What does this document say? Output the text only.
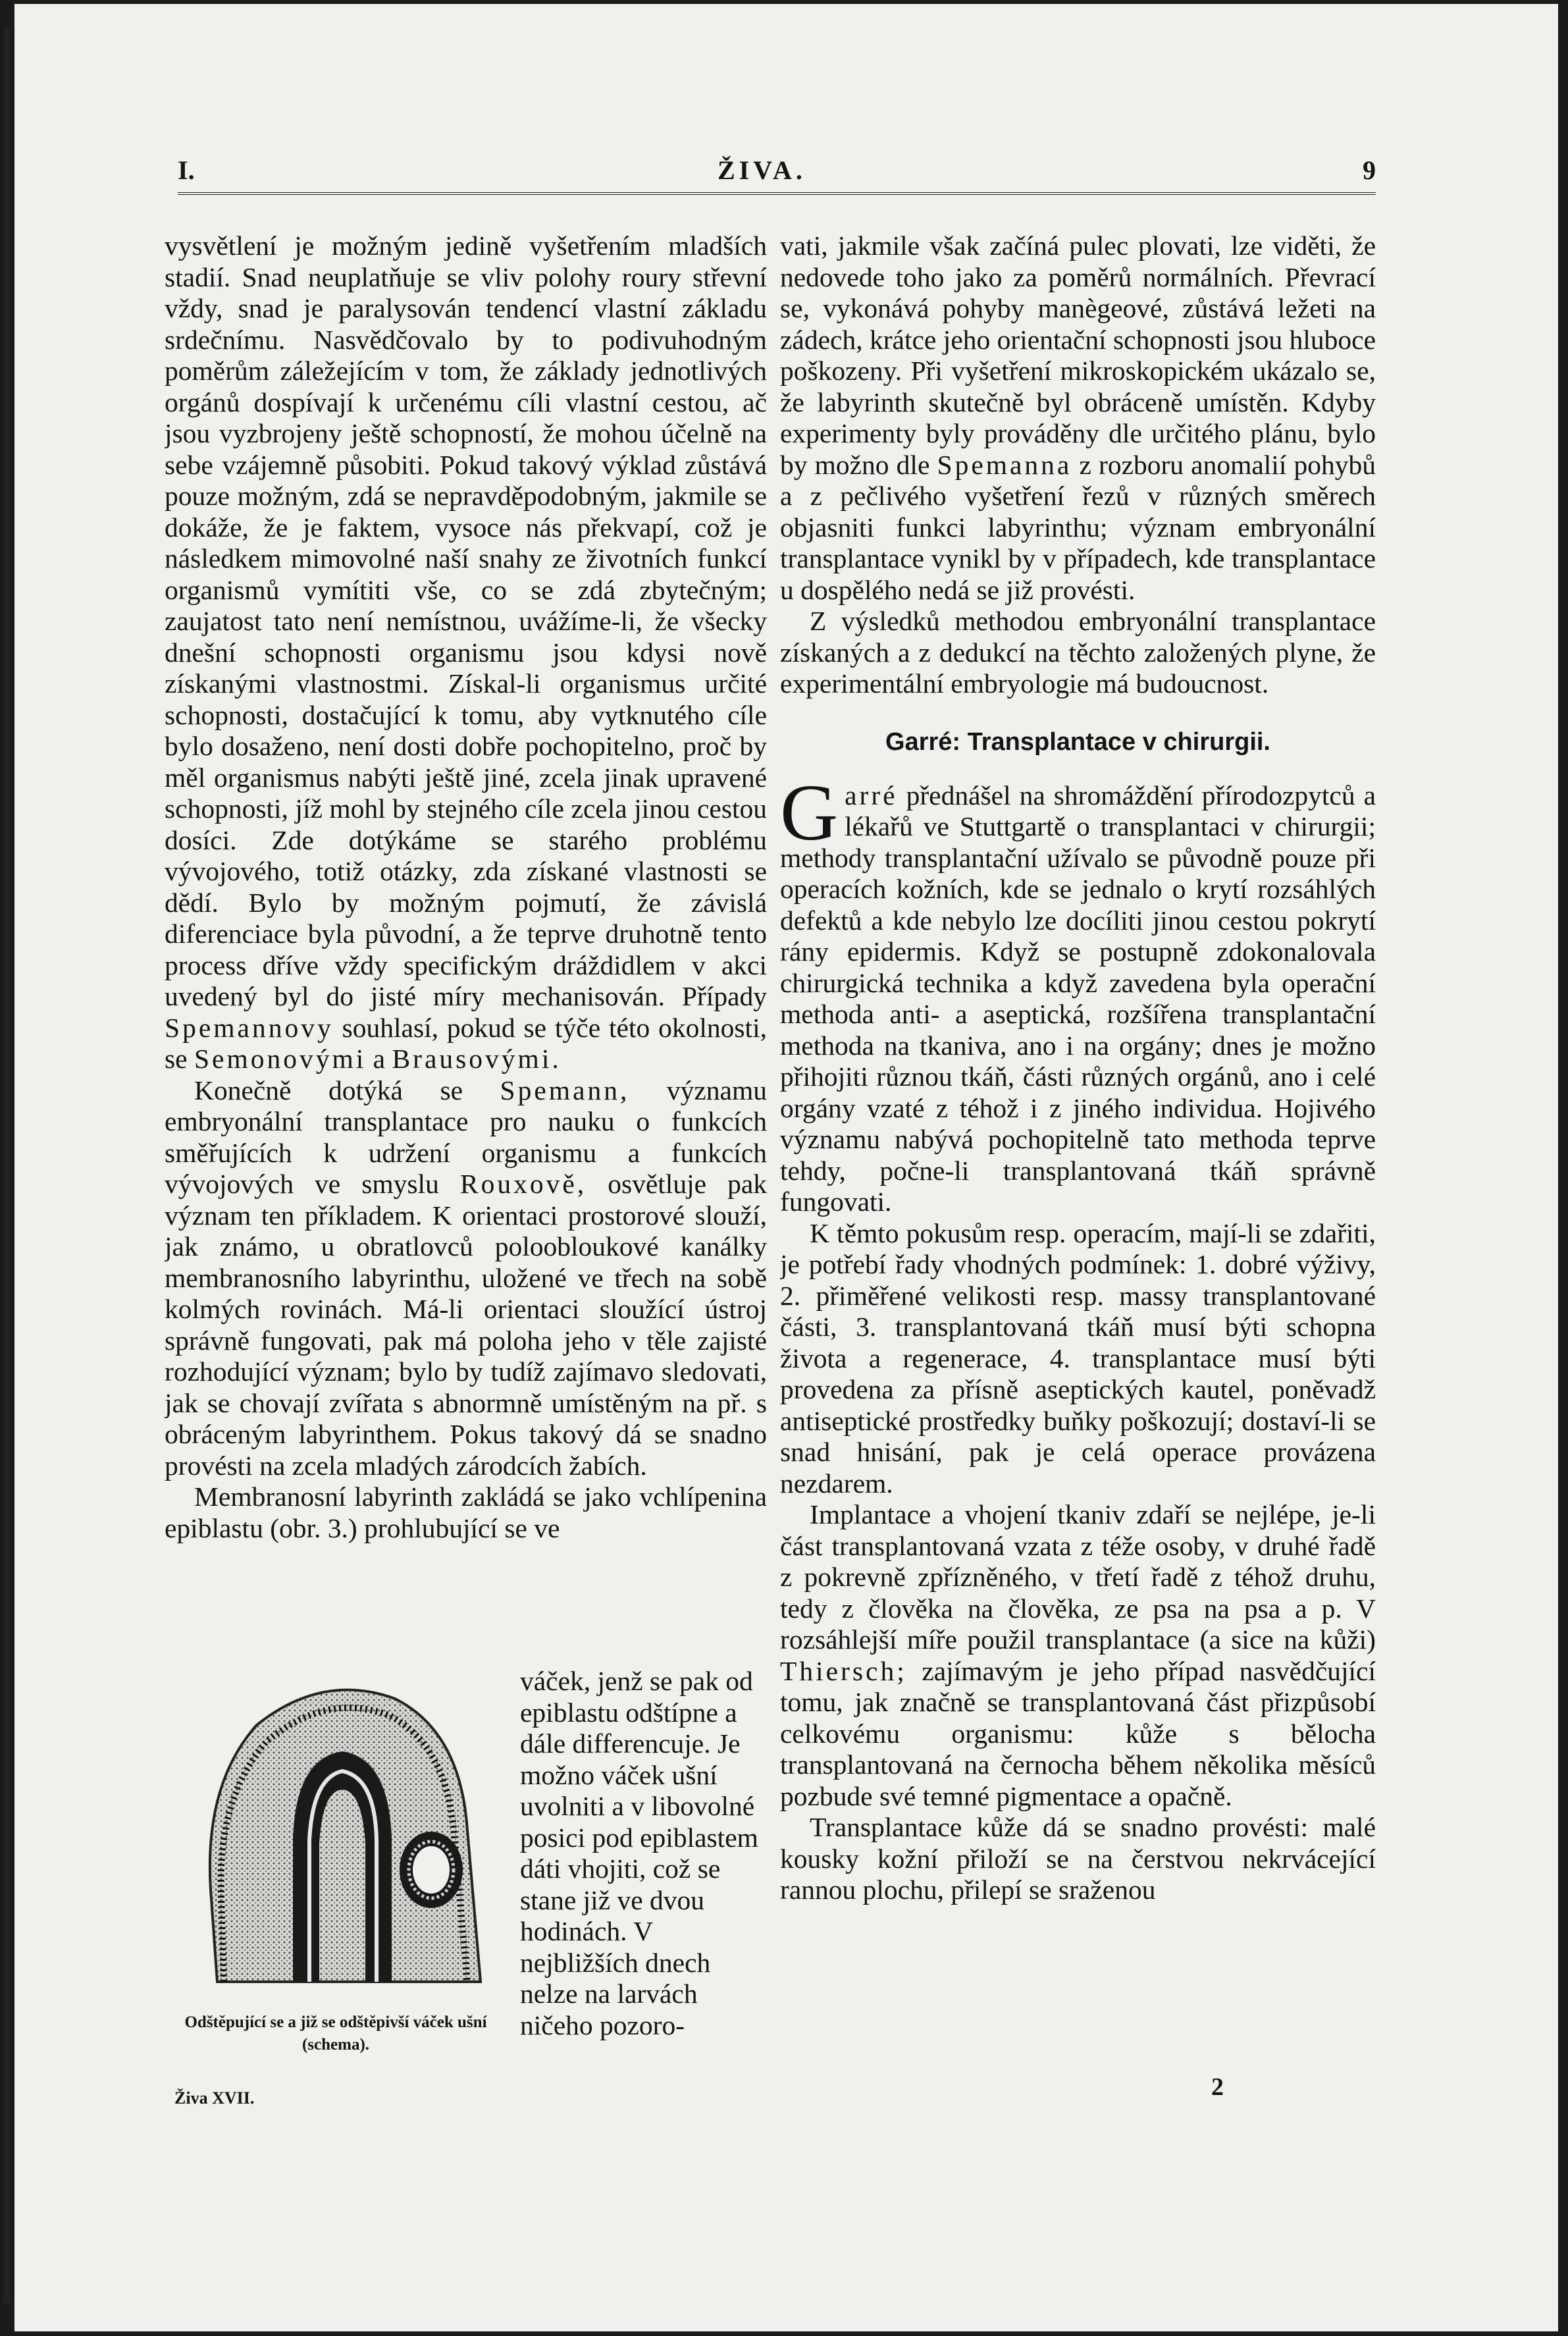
I.	ŽIVA.	9

vysvětlení je možným jedině vyšetřením mladších stadií. Snad neuplatňuje se vliv polohy roury střevní vždy, snad je paralysován tendencí vlastní základu srdečnímu. Nasvědčovalo by to podivuhodným poměrům záležejícím v tom, že základy jednotlivých orgánů dospívají k určenému cíli vlastní cestou, ač jsou vyzbrojeny ještě schopností, že mohou účelně na sebe vzájemně působiti. Pokud takový výklad zůstává pouze možným, zdá se nepravděpodobným, jakmile se dokáže, že je faktem, vysoce nás překvapí, což je následkem mimovolné naší snahy ze životních funkcí organismů vymítiti vše, co se zdá zbytečným; zaujatost tato není nemístnou, uvážíme-li, že všecky dnešní schopnosti organismu jsou kdysi nově získanými vlastnostmi. Získal-li organismus určité schopnosti, dostačující k tomu, aby vytknutého cíle bylo dosaženo, není dosti dobře pochopitelno, proč by měl organismus nabýti ještě jiné, zcela jinak upravené schopnosti, jíž mohl by stejného cíle zcela jinou cestou dosíci. Zde dotýkáme se starého problému vývojového, totiž otázky, zda získané vlastnosti se dědí. Bylo by možným pojmutí, že závislá diferenciace byla původní, a že teprve druhotně tento process dříve vždy specifickým dráždidlem v akci uvedený byl do jisté míry mechanisován. Případy Spemannovy souhlasí, pokud se týče této okolnosti, se Semonovými a Brausovými.

Konečně dotýká se Spemann, významu embryonální transplantace pro nauku o funkcích směřujících k udržení organismu a funkcích vývojových ve smyslu Rouxově, osvětluje pak význam ten příkladem. K orientaci prostorové slouží, jak známo, u obratlovců poloobloukové kanálky membranosního labyrinthu, uložené ve třech na sobě kolmých rovinách. Má-li orientaci sloužící ústroj správně fungovati, pak má poloha jeho v těle zajisté rozhodující význam; bylo by tudíž zajímavo sledovati, jak se chovají zvířata s abnormně umístěným na př. s obráceným labyrinthem. Pokus takový dá se snadno provésti na zcela mladých zárodcích žabích.

Membranosní labyrinth zakládá se jako vchlípenina epiblastu (obr. 3.) prohlubující se ve

váček, jenž se pak od epiblastu odštípne a dále differencuje. Je možno váček ušní uvolniti a v libovolné posici pod epiblastem dáti vhojiti, což se stane již ve dvou hodinách. V nejbližších dnech nelze na larvách ničeho pozoro-
Odštěpující se a již se odštěpivší váček ušní (schema).
Živa XVII.	2

vati, jakmile však začíná pulec plovati, lze viděti, že nedovede toho jako za poměrů normálních. Převrací se, vykonává pohyby manègeové, zůstává ležeti na zádech, krátce jeho orientační schopnosti jsou hluboce poškozeny. Při vyšetření mikroskopickém ukázalo se, že labyrinth skutečně byl obráceně umístěn. Kdyby experimenty byly prováděny dle určitého plánu, bylo by možno dle Spemanna z rozboru anomalií pohybů a z pečlivého vyšetření řezů v různých směrech objasniti funkci labyrinthu; význam embryonální transplantace vynikl by v případech, kde transplantace u dospělého nedá se již provésti.

Z výsledků methodou embryonální transplantace získaných a z dedukcí na těchto založených plyne, že experimentální embryologie má budoucnost.

Garré: Transplantace v chirurgii.

Garré přednášel na shromáždění přírodozpytců a lékařů ve Stuttgartě o transplantaci v chirurgii; methody transplantační užívalo se původně pouze při operacích kožních, kde se jednalo o krytí rozsáhlých defektů a kde nebylo lze docíliti jinou cestou pokrytí rány epidermis. Když se postupně zdokonalovala chirurgická technika a když zavedena byla operační methoda anti- a aseptická, rozšířena transplantační methoda na tkaniva, ano i na orgány; dnes je možno přihojiti různou tkáň, části různých orgánů, ano i celé orgány vzaté z téhož i z jiného individua. Hojivého významu nabývá pochopitelně tato methoda teprve tehdy, počne-li transplantovaná tkáň správně fungovati.

K těmto pokusům resp. operacím, mají-li se zdařiti, je potřebí řady vhodných podmínek: 1. dobré výživy, 2. přiměřené velikosti resp. massy transplantované části, 3. transplantovaná tkáň musí býti schopna života a regenerace, 4. transplantace musí býti provedena za přísně aseptických kautel, poněvadž antiseptické prostředky buňky poškozují; dostaví-li se snad hnisání, pak je celá operace provázena nezdarem.

Implantace a vhojení tkaniv zdaří se nejlépe, je-li část transplantovaná vzata z téže osoby, v druhé řadě z pokrevně zpřízněného, v třetí řadě z téhož druhu, tedy z člověka na člověka, ze psa na psa a p. V rozsáhlejší míře použil transplantace (a sice na kůži) Thiersch; zajímavým je jeho případ nasvědčující tomu, jak značně se transplantovaná část přizpůsobí celkovému organismu: kůže s bělocha transplantovaná na černocha během několika měsíců pozbude své temné pigmentace a opačně.

Transplantace kůže dá se snadno provésti: malé kousky kožní přiloží se na čerstvou nekrvácející rannou plochu, přilepí se sraženou
